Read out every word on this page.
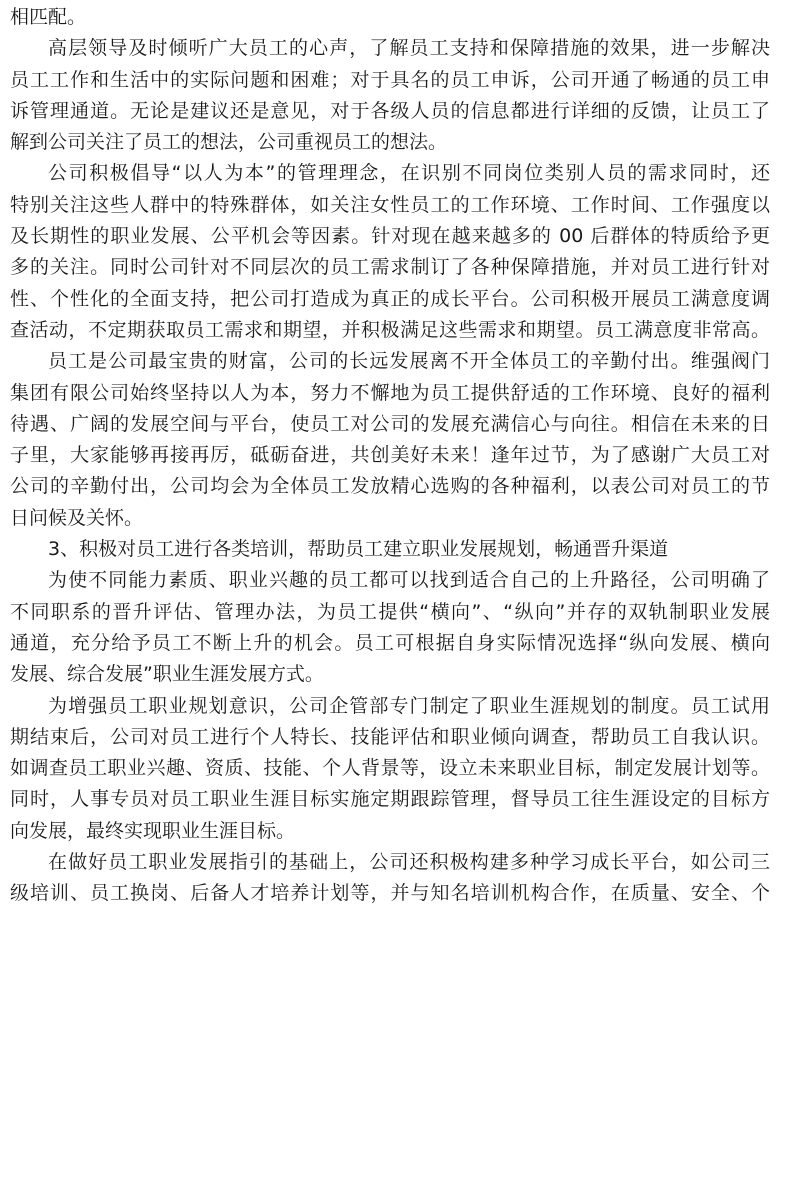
相匹配。
高层领导及时倾听广大员工的心声，了解员工支持和保障措施的效果，进一步解决
员工工作和生活中的实际问题和困难；对于具名的员工申诉，公司开通了畅通的员工申
诉管理通道。无论是建议还是意见，对于各级人员的信息都进行详细的反馈，让员工了
解到公司关注了员工的想法，公司重视员工的想法。
公司积极倡导“以人为本”的管理理念，在识别不同岗位类别人员的需求同时，还
特别关注这些人群中的特殊群体，如关注女性员工的工作环境、工作时间、工作强度以
及长期性的职业发展、公平机会等因素。针对现在越来越多的 00 后群体的特质给予更
多的关注。同时公司针对不同层次的员工需求制订了各种保障措施，并对员工进行针对
性、个性化的全面支持，把公司打造成为真正的成长平台。公司积极开展员工满意度调
查活动，不定期获取员工需求和期望，并积极满足这些需求和期望。员工满意度非常高。
员工是公司最宝贵的财富，公司的长远发展离不开全体员工的辛勤付出。维强阀门
集团有限公司始终坚持以人为本，努力不懈地为员工提供舒适的工作环境、良好的福利
待遇、广阔的发展空间与平台，使员工对公司的发展充满信心与向往。相信在未来的日
子里，大家能够再接再厉，砥砺奋进，共创美好未来！逢年过节，为了感谢广大员工对
公司的辛勤付出，公司均会为全体员工发放精心选购的各种福利，以表公司对员工的节
日问候及关怀。
3、积极对员工进行各类培训，帮助员工建立职业发展规划，畅通晋升渠道
为使不同能力素质、职业兴趣的员工都可以找到适合自己的上升路径，公司明确了
不同职系的晋升评估、管理办法，为员工提供“横向”、“纵向”并存的双轨制职业发展
通道，充分给予员工不断上升的机会。员工可根据自身实际情况选择“纵向发展、横向
发展、综合发展”职业生涯发展方式。
为增强员工职业规划意识，公司企管部专门制定了职业生涯规划的制度。员工试用
期结束后，公司对员工进行个人特长、技能评估和职业倾向调查，帮助员工自我认识。
如调查员工职业兴趣、资质、技能、个人背景等，设立未来职业目标，制定发展计划等。
同时，人事专员对员工职业生涯目标实施定期跟踪管理，督导员工往生涯设定的目标方
向发展，最终实现职业生涯目标。
在做好员工职业发展指引的基础上，公司还积极构建多种学习成长平台，如公司三
级培训、员工换岗、后备人才培养计划等，并与知名培训机构合作，在质量、安全、个
